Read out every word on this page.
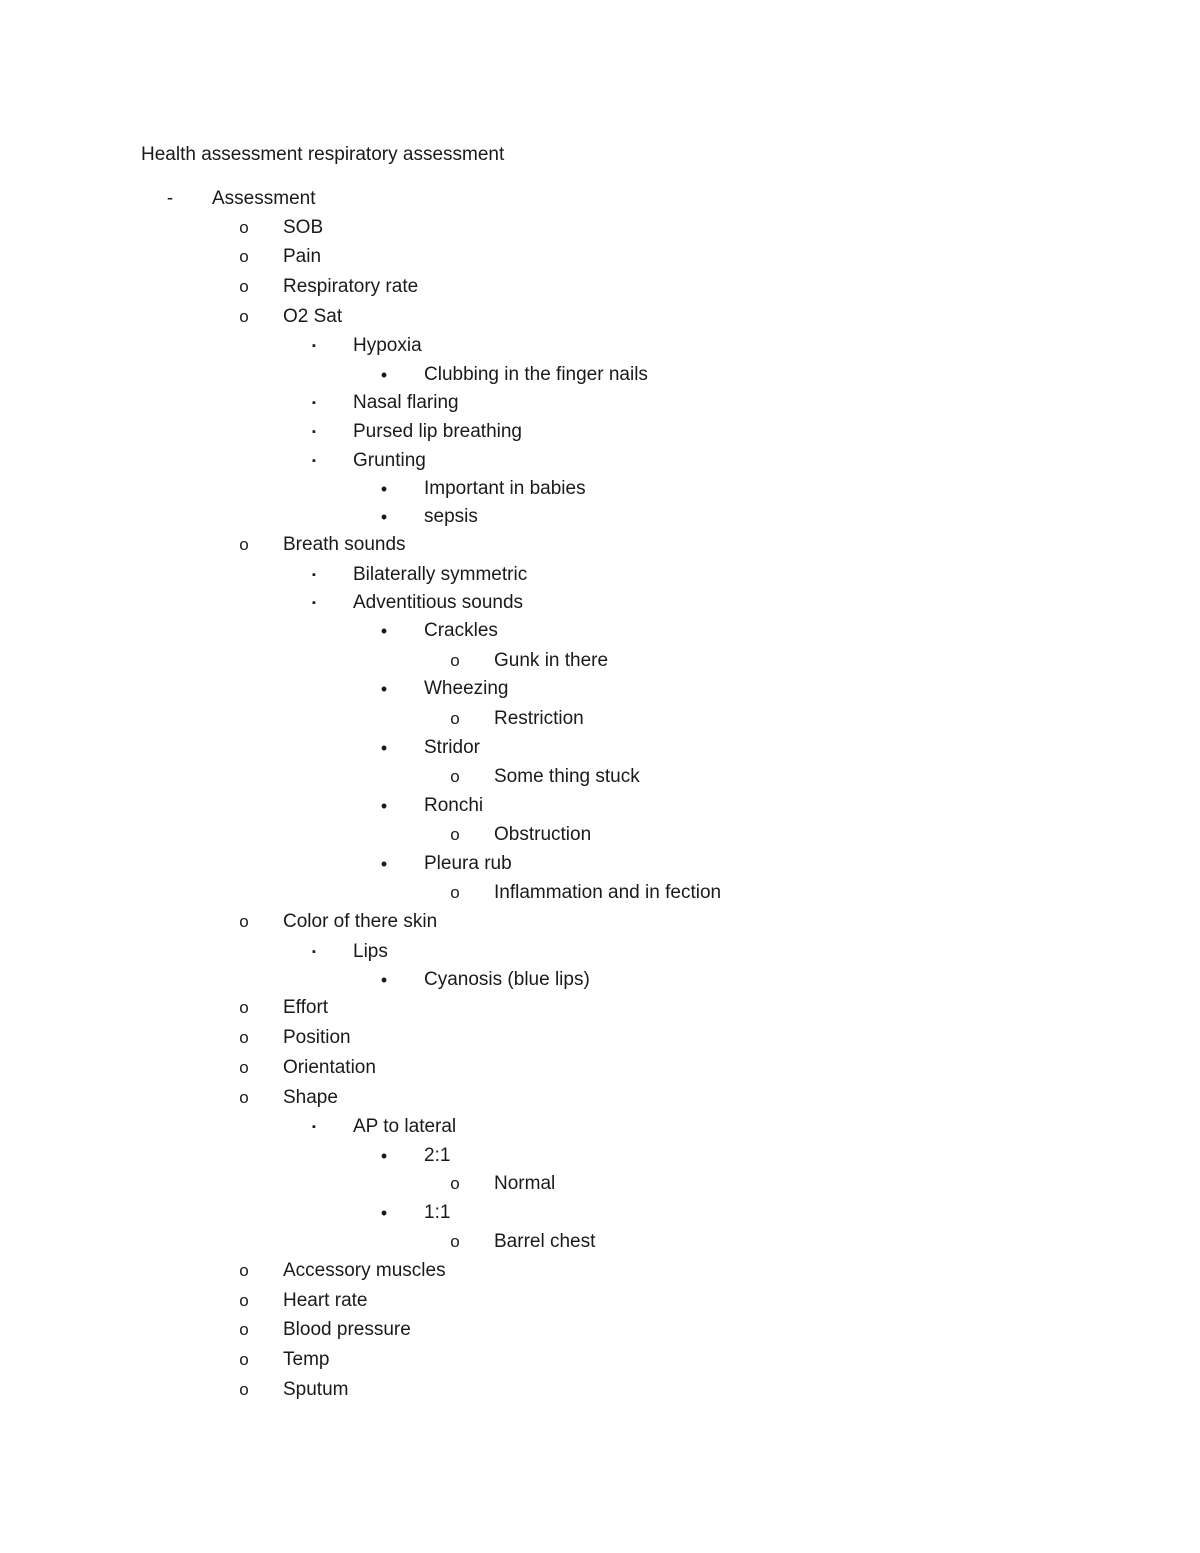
Health assessment respiratory assessment
-	Assessment
o SOB
o Pain
o Respiratory rate
o O2 Sat
▪	Hypoxia
•	Clubbing in the finger nails
▪	Nasal flaring
▪	Pursed lip breathing
▪	Grunting
•	Important in babies
•	sepsis
o Breath sounds
▪	Bilaterally symmetric
▪	Adventitious sounds
•	Crackles
o Gunk in there
•	Wheezing
o Restriction
•	Stridor
o Some thing stuck
•	Ronchi
o Obstruction
•	Pleura rub
o Inflammation and in fection
o Color of there skin
▪	Lips
•	Cyanosis (blue lips)
o Effort
o Position
o Orientation
o Shape
▪	AP to lateral
•	2:1
o Normal
•	1:1
o Barrel chest
o Accessory muscles
o Heart rate
o Blood pressure
o Temp
o Sputum
